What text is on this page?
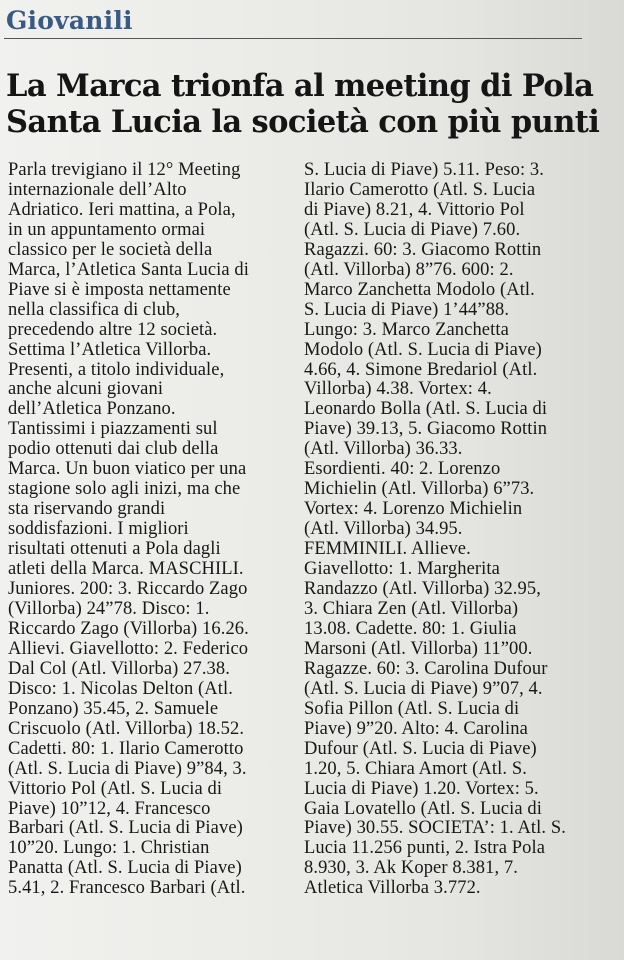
Giovanili
La Marca trionfa al meeting di Pola
Santa Lucia la società con più punti
Parla trevigiano il 12° Meeting
internazionale dell’Alto
Adriatico. Ieri mattina, a Pola,
in un appuntamento ormai
classico per le società della
Marca, l’Atletica Santa Lucia di
Piave si è imposta nettamente
nella classifica di club,
precedendo altre 12 società.
Settima l’Atletica Villorba.
Presenti, a titolo individuale,
anche alcuni giovani
dell’Atletica Ponzano.
Tantissimi i piazzamenti sul
podio ottenuti dai club della
Marca. Un buon viatico per una
stagione solo agli inizi, ma che
sta riservando grandi
soddisfazioni. I migliori
risultati ottenuti a Pola dagli
atleti della Marca. MASCHILI.
Juniores. 200: 3. Riccardo Zago
(Villorba) 24”78. Disco: 1.
Riccardo Zago (Villorba) 16.26.
Allievi. Giavellotto: 2. Federico
Dal Col (Atl. Villorba) 27.38.
Disco: 1. Nicolas Delton (Atl.
Ponzano) 35.45, 2. Samuele
Criscuolo (Atl. Villorba) 18.52.
Cadetti. 80: 1. Ilario Camerotto
(Atl. S. Lucia di Piave) 9”84, 3.
Vittorio Pol (Atl. S. Lucia di
Piave) 10”12, 4. Francesco
Barbari (Atl. S. Lucia di Piave)
10”20. Lungo: 1. Christian
Panatta (Atl. S. Lucia di Piave)
5.41, 2. Francesco Barbari (Atl.
S. Lucia di Piave) 5.11. Peso: 3.
Ilario Camerotto (Atl. S. Lucia
di Piave) 8.21, 4. Vittorio Pol
(Atl. S. Lucia di Piave) 7.60.
Ragazzi. 60: 3. Giacomo Rottin
(Atl. Villorba) 8”76. 600: 2.
Marco Zanchetta Modolo (Atl.
S. Lucia di Piave) 1’44”88.
Lungo: 3. Marco Zanchetta
Modolo (Atl. S. Lucia di Piave)
4.66, 4. Simone Bredariol (Atl.
Villorba) 4.38. Vortex: 4.
Leonardo Bolla (Atl. S. Lucia di
Piave) 39.13, 5. Giacomo Rottin
(Atl. Villorba) 36.33.
Esordienti. 40: 2. Lorenzo
Michielin (Atl. Villorba) 6”73.
Vortex: 4. Lorenzo Michielin
(Atl. Villorba) 34.95.
FEMMINILI. Allieve.
Giavellotto: 1. Margherita
Randazzo (Atl. Villorba) 32.95,
3. Chiara Zen (Atl. Villorba)
13.08. Cadette. 80: 1. Giulia
Marsoni (Atl. Villorba) 11”00.
Ragazze. 60: 3. Carolina Dufour
(Atl. S. Lucia di Piave) 9”07, 4.
Sofia Pillon (Atl. S. Lucia di
Piave) 9”20. Alto: 4. Carolina
Dufour (Atl. S. Lucia di Piave)
1.20, 5. Chiara Amort (Atl. S.
Lucia di Piave) 1.20. Vortex: 5.
Gaia Lovatello (Atl. S. Lucia di
Piave) 30.55. SOCIETA’: 1. Atl. S.
Lucia 11.256 punti, 2. Istra Pola
8.930, 3. Ak Koper 8.381, 7.
Atletica Villorba 3.772.
